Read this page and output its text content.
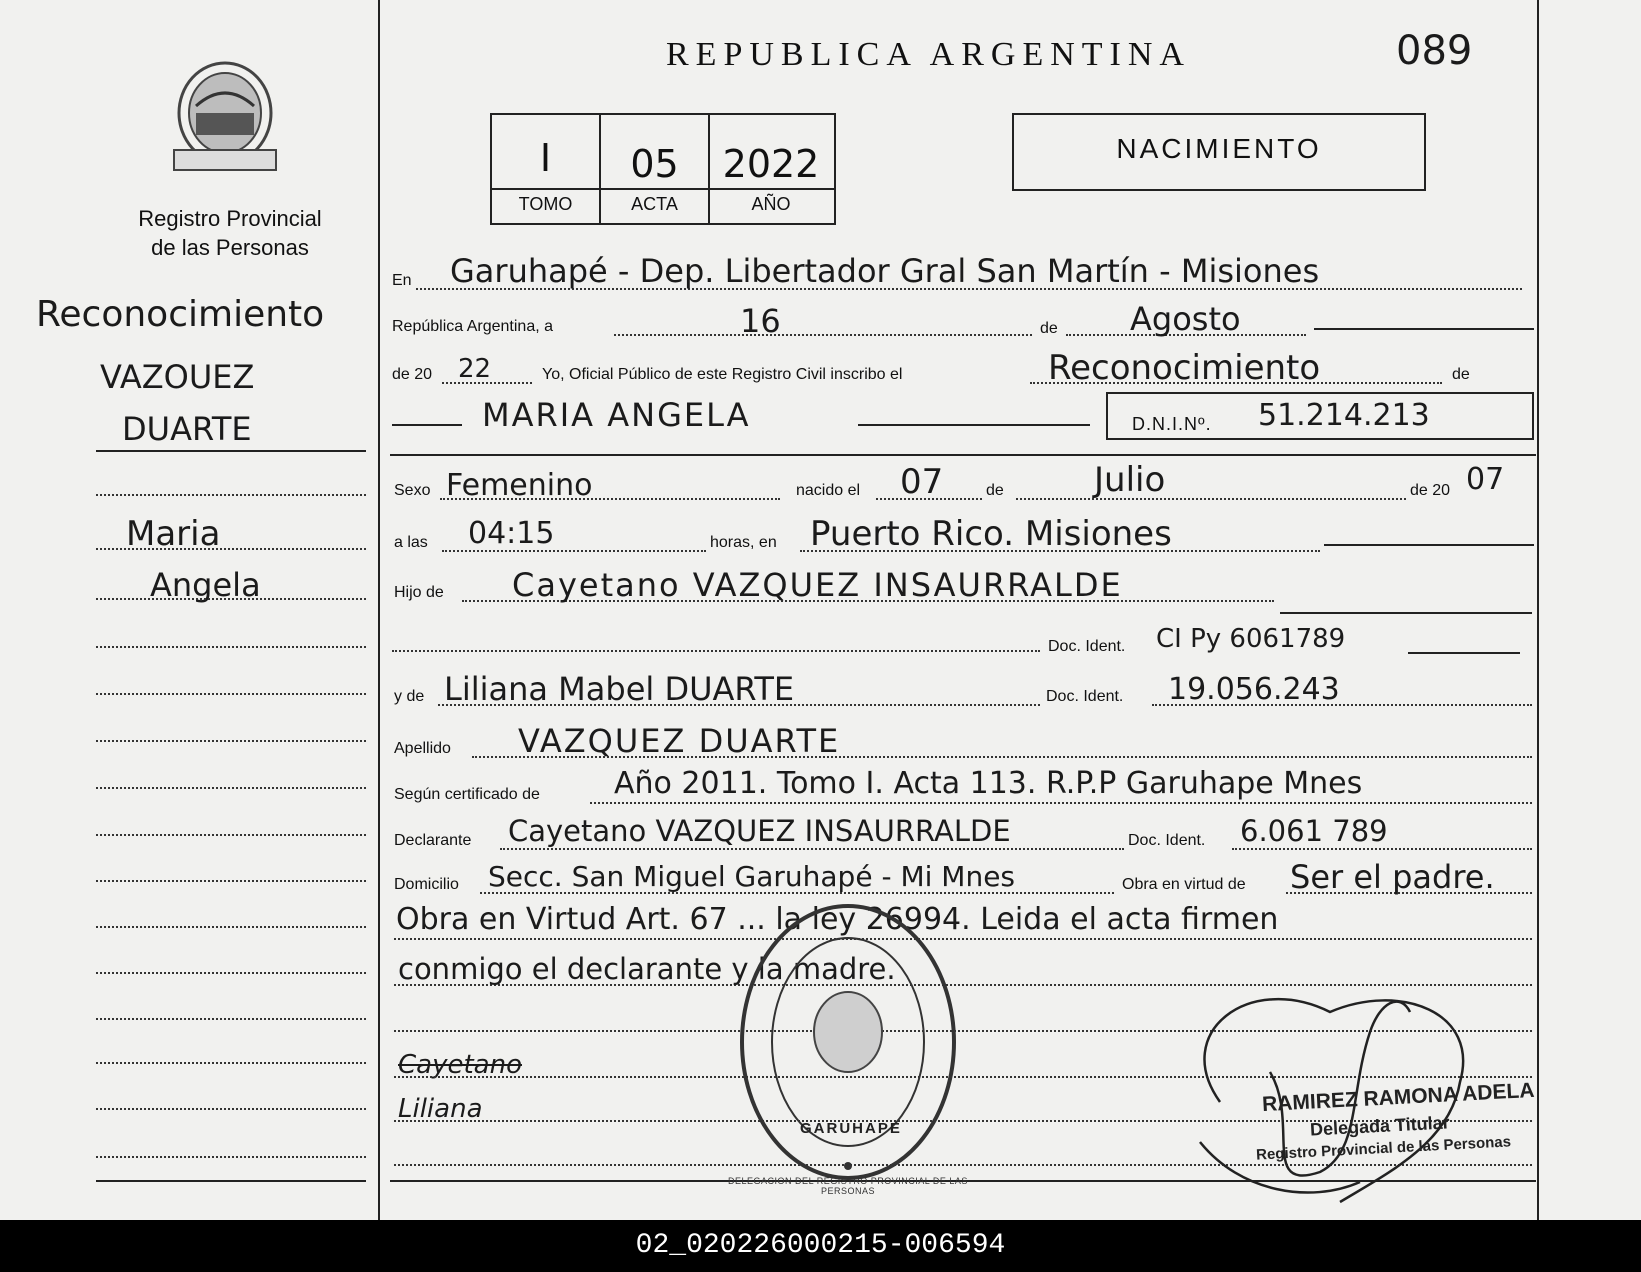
Registro Provincial
de las Personas
Reconocimiento
VAZOUEZ
DUARTE
Maria
Angela
Cayetano
Liliana
REPUBLICA ARGENTINA	089
I	05	2022
TOMO	ACTA	AÑO
NACIMIENTO
En Garuhapé - Dep. Libertador Gral San Martín - Misiones
República Argentina, a	16	de Agosto
de 20 22	Yo, Oficial Público de este Registro Civil inscribo el	Reconocimiento	de
MARIA ANGELA	D.N.I.Nº. 51.214.213
Sexo Femenino	nacido el 07	de	Julio	de 20 07
a las 04:15	horas, en Puerto Rico. Misiones
Hijo de Cayetano VAZQUEZ INSAURRALDE
Doc. Ident. CI Py 6061789
y de Liliana Mabel DUARTE	Doc. Ident. 19.056.243
Apellido VAZQUEZ DUARTE
Según certificado de Año 2011. Tomo I. Acta 113. R.P.P Garuhape Mnes
Declarante Cayetano VAZQUEZ INSAURRALDE	Doc. Ident. 6.061 789
Domicilio Secc. San Miguel Garuhapé - Mi Mnes	Obra en virtud de Ser el padre.
Obra en Virtud Art. 67 ... la ley 26994. Leida el acta firmen
conmigo el declarante y la madre.
DELEGACION DEL REGISTRO PROVINCIAL DE LAS PERSONAS
GARUHAPE
RAMIREZ RAMONA ADELA
Delegada Titular
Registro Provincial de las Personas
02_020226000215-006594
